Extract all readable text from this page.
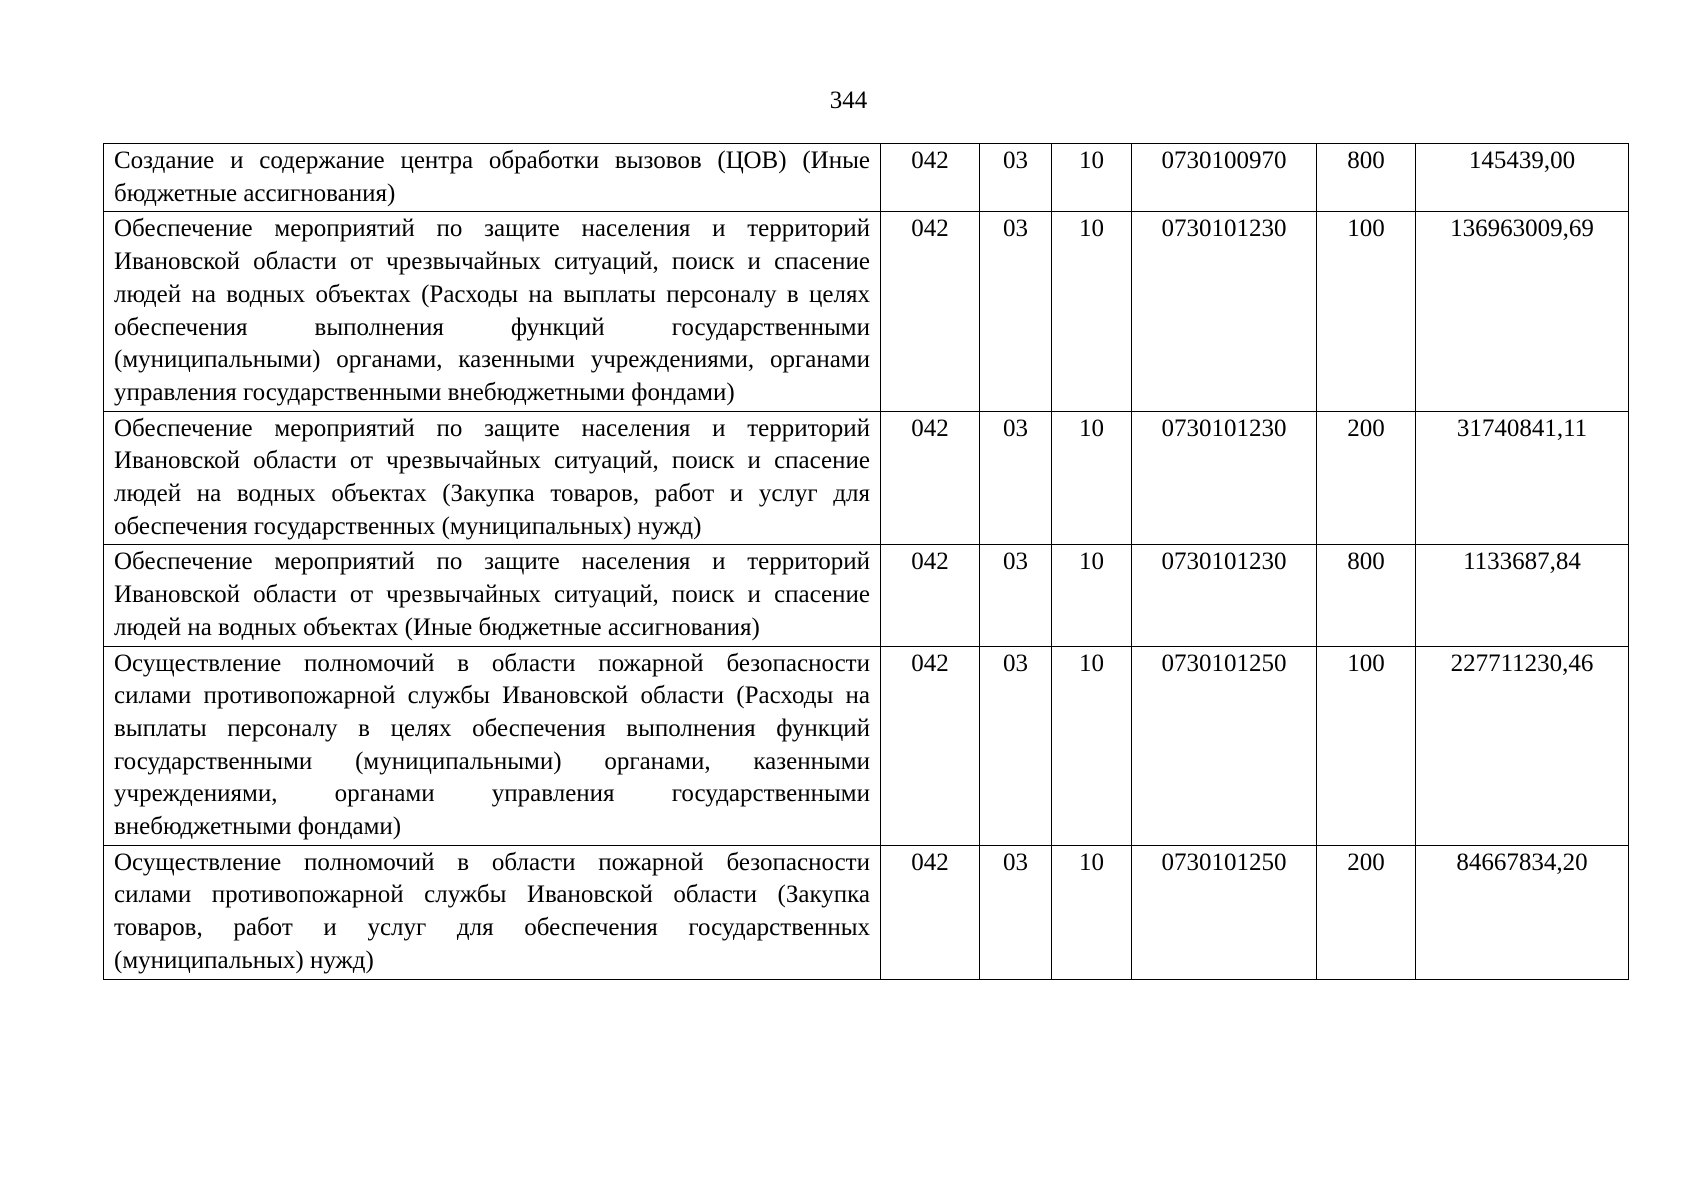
344
Создание и содержание центра обработки вызовов (ЦОВ) (Иные бюджетные ассигнования)	042	03	10	0730100970	800	145439,00
Обеспечение мероприятий по защите населения и территорий Ивановской области от чрезвычайных ситуаций, поиск и спасение людей на водных объектах (Расходы на выплаты персоналу в целях обеспечения выполнения функций государственными (муниципальными) органами, казенными учреждениями, органами управления государственными внебюджетными фондами)	042	03	10	0730101230	100	136963009,69
Обеспечение мероприятий по защите населения и территорий Ивановской области от чрезвычайных ситуаций, поиск и спасение людей на водных объектах (Закупка товаров, работ и услуг для обеспечения государственных (муниципальных) нужд)	042	03	10	0730101230	200	31740841,11
Обеспечение мероприятий по защите населения и территорий Ивановской области от чрезвычайных ситуаций, поиск и спасение людей на водных объектах (Иные бюджетные ассигнования)	042	03	10	0730101230	800	1133687,84
Осуществление полномочий в области пожарной безопасности силами противопожарной службы Ивановской области (Расходы на выплаты персоналу в целях обеспечения выполнения функций государственными (муниципальными) органами, казенными учреждениями, органами управления государственными внебюджетными фондами)	042	03	10	0730101250	100	227711230,46
Осуществление полномочий в области пожарной безопасности силами противопожарной службы Ивановской области (Закупка товаров, работ и услуг для обеспечения государственных (муниципальных) нужд)	042	03	10	0730101250	200	84667834,20
